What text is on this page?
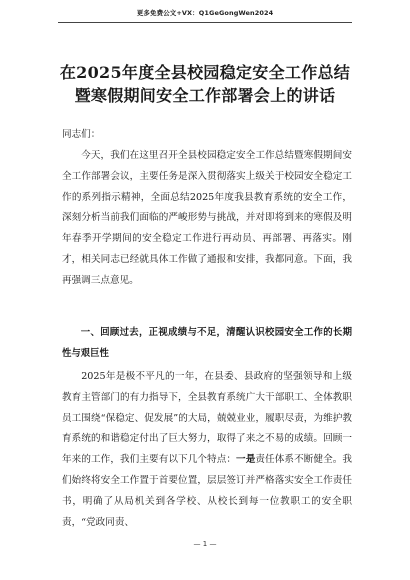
更多免费公文+VX：Q1GeGongWen2024
在2025年度全县校园稳定安全工作总结
暨寒假期间安全工作部署会上的讲话
同志们：
今天，我们在这里召开全县校园稳定安全工作总结暨寒假期间安全工作部署会议，主要任务是深入贯彻落实上级关于校园安全稳定工作的系列指示精神，全面总结2025年度我县教育系统的安全工作，深刻分析当前我们面临的严峻形势与挑战，并对即将到来的寒假及明年春季开学期间的安全稳定工作进行再动员、再部署、再落实。刚才，相关同志已经就具体工作做了通报和安排，我都同意。下面，我再强调三点意见。
一、回顾过去，正视成绩与不足，清醒认识校园安全工作的长期性与艰巨性
2025年是极不平凡的一年，在县委、县政府的坚强领导和上级教育主管部门的有力指导下，全县教育系统广大干部职工、全体教职员工围绕“保稳定、促发展”的大局，兢兢业业，履职尽责，为维护教育系统的和谐稳定付出了巨大努力，取得了来之不易的成绩。回顾一年来的工作，我们主要有以下几个特点：一是责任体系不断健全。我们始终将安全工作置于首要位置，层层签订并严格落实安全工作责任书，明确了从局机关到各学校、从校长到每一位教职工的安全职责，“党政同责、
— 1 —
